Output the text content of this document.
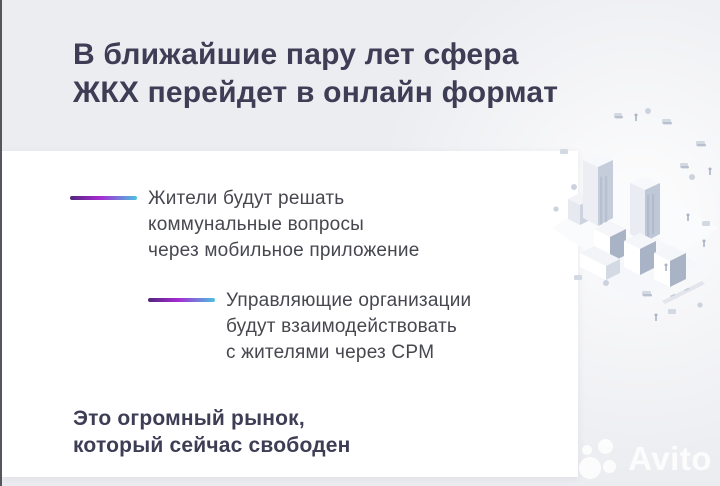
В ближайшие пару лет сфера
ЖКХ перейдет в онлайн формат
Жители будут решать
коммунальные вопросы
через мобильное приложение
Управляющие организации
будут взаимодействовать
с жителями через CPM
Это огромный рынок,
который сейчас свободен	Avito
